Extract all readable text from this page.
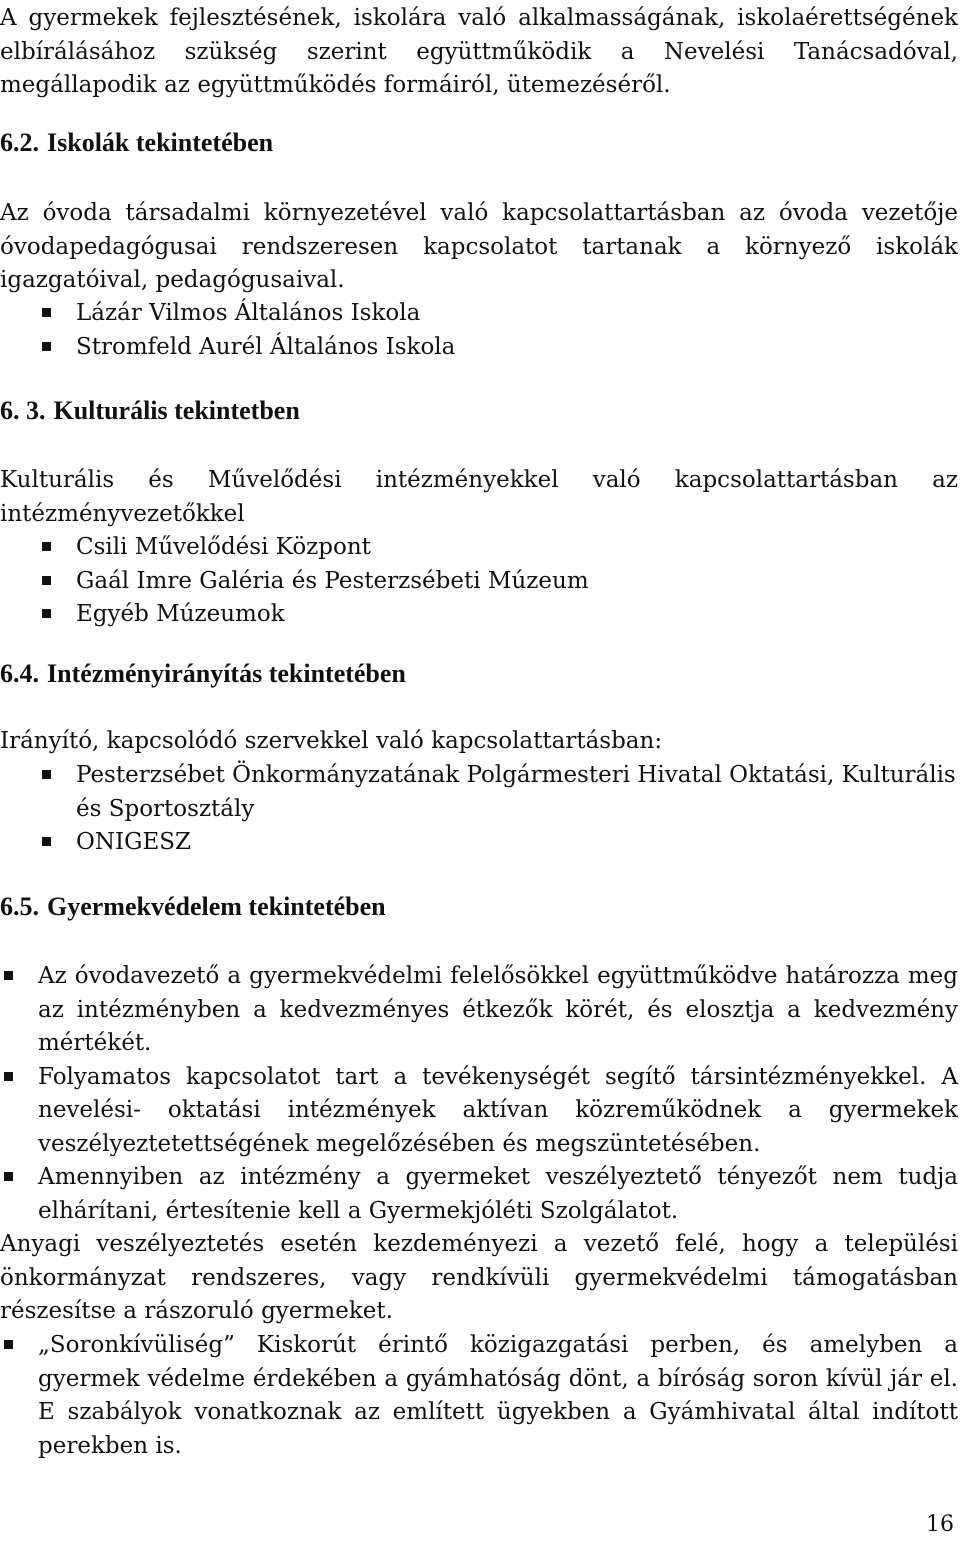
A gyermekek fejlesztésének, iskolára való alkalmasságának, iskolaérettségének elbírálásához szükség szerint együttműködik a Nevelési Tanácsadóval, megállapodik az együttműködés formáiról, ütemezéséről.

6.2. Iskolák tekintetében

Az óvoda társadalmi környezetével való kapcsolattartásban az óvoda vezetője óvodapedagógusai rendszeresen kapcsolatot tartanak a környező iskolák igazgatóival, pedagógusaival.

Lázár Vilmos Általános Iskola
Stromfeld Aurél Általános Iskola
6. 3. Kulturális tekintetben

Kulturális és Művelődési intézményekkel való kapcsolattartásban az intézményvezetőkkel

Csili Művelődési Központ
Gaál Imre Galéria és Pesterzsébeti Múzeum
Egyéb Múzeumok
6.4. Intézményirányítás tekintetében

Irányító, kapcsolódó szervekkel való kapcsolattartásban:

Pesterzsébet Önkormányzatának Polgármesteri Hivatal Oktatási, Kulturális és Sportosztály
ONIGESZ
6.5. Gyermekvédelem tekintetében
Az óvodavezető a gyermekvédelmi felelősökkel együttműködve határozza meg az intézményben a kedvezményes étkezők körét, és elosztja a kedvezmény mértékét.
Folyamatos kapcsolatot tart a tevékenységét segítő társintézményekkel. A nevelési- oktatási intézmények aktívan közreműködnek a gyermekek veszélyeztetettségének megelőzésében és megszüntetésében.
Amennyiben az intézmény a gyermeket veszélyeztető tényezőt nem tudja elhárítani, értesítenie kell a Gyermekjóléti Szolgálatot.

Anyagi veszélyeztetés esetén kezdeményezi a vezető felé, hogy a települési önkormányzat rendszeres, vagy rendkívüli gyermekvédelmi támogatásban részesítse a rászoruló gyermeket.

„Soronkívüliség” Kiskorút érintő közigazgatási perben, és amelyben a gyermek védelme érdekében a gyámhatóság dönt, a bíróság soron kívül jár el. E szabályok vonatkoznak az említett ügyekben a Gyámhivatal által indított perekben is.
16
